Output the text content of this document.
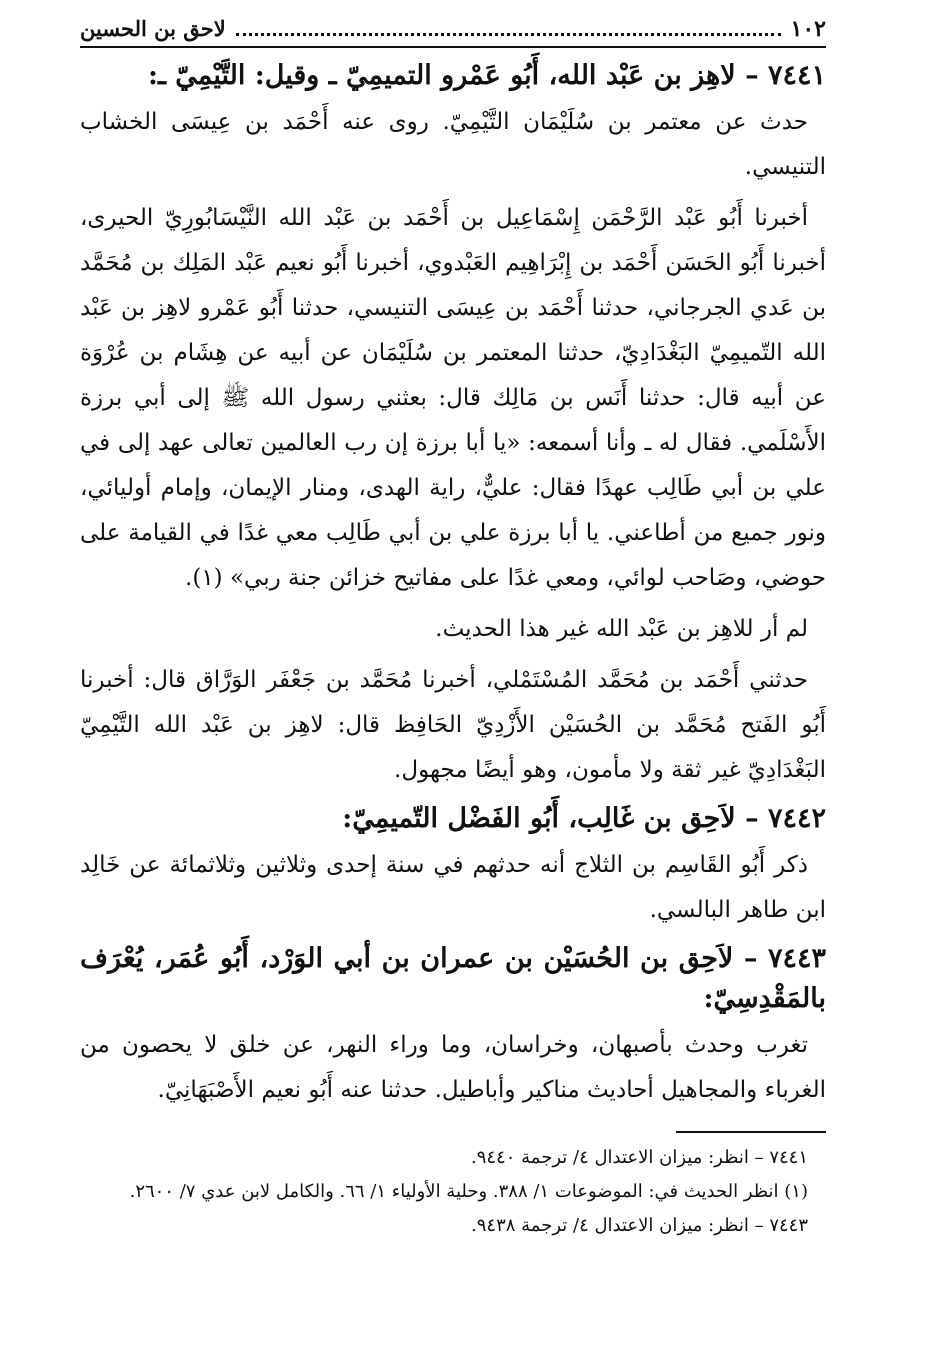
١٠٢
لاحق بن الحسين
٧٤٤١ – لاهِز بن عَبْد الله، أَبُو عَمْرو التميمِيّ ـ وقيل: التَّيْمِيّ ـ:

حدث عن معتمر بن سُلَيْمَان التَّيْمِيّ. روى عنه أَحْمَد بن عِيسَى الخشاب التنيسي.

أخبرنا أَبُو عَبْد الرَّحْمَن إِسْمَاعِيل بن أَحْمَد بن عَبْد الله النَّيْسَابُورِيّ الحيرى، أخبرنا أَبُو الحَسَن أَحْمَد بن إِبْرَاهِيم العَبْدوي، أخبرنا أَبُو نعيم عَبْد المَلِك بن مُحَمَّد بن عَدي الجرجاني، حدثنا أَحْمَد بن عِيسَى التنيسي، حدثنا أَبُو عَمْرو لاهِز بن عَبْد الله التّميمِيّ البَغْدَادِيّ، حدثنا المعتمر بن سُلَيْمَان عن أبيه عن هِشَام بن عُرْوَة عن أبيه قال: حدثنا أَنَس بن مَالِك قال: بعثني رسول الله ﷺ إلى أبي برزة الأَسْلَمي. فقال له ـ وأنا أسمعه: «يا أبا برزة إن رب العالمين تعالى عهد إلى في علي بن أبي طَالِب عهدًا فقال: عليٌّ، راية الهدى، ومنار الإيمان، وإمام أوليائي، ونور جميع من أطاعني. يا أبا برزة علي بن أبي طَالِب معي غدًا في القيامة على حوضي، وصَاحب لوائي، ومعي غدًا على مفاتيح خزائن جنة ربي» (١).

لم أر للاهِز بن عَبْد الله غير هذا الحديث.

حدثني أَحْمَد بن مُحَمَّد المُسْتَمْلي، أخبرنا مُحَمَّد بن جَعْفَر الوَرَّاق قال: أخبرنا أَبُو الفَتح مُحَمَّد بن الحُسَيْن الأَزْدِيّ الحَافِظ قال: لاهِز بن عَبْد الله التَّيْمِيّ البَغْدَادِيّ غير ثقة ولا مأمون، وهو أيضًا مجهول.

٧٤٤٢ – لاَحِق بن غَالِب، أَبُو الفَضْل التّميمِيّ:

ذكر أَبُو القَاسِم بن الثلاج أنه حدثهم في سنة إحدى وثلاثين وثلاثمائة عن خَالِد ابن طاهر البالسي.

٧٤٤٣ – لاَحِق بن الحُسَيْن بن عمران بن أبي الوَرْد، أَبُو عُمَر، يُعْرَف بالمَقْدِسِيّ:

تغرب وحدث بأصبهان، وخراسان، وما وراء النهر، عن خلق لا يحصون من الغرباء والمجاهيل أحاديث مناكير وأباطيل. حدثنا عنه أَبُو نعيم الأَصْبَهَانِيّ.

٧٤٤١ – انظر: ميزان الاعتدال ٤/ ترجمة ٩٤٤٠.

(١) انظر الحديث في: الموضوعات ١/ ٣٨٨. وحلية الأولياء ١/ ٦٦. والكامل لابن عدي ٧/ ٢٦٠٠.

٧٤٤٣ – انظر: ميزان الاعتدال ٤/ ترجمة ٩٤٣٨.
